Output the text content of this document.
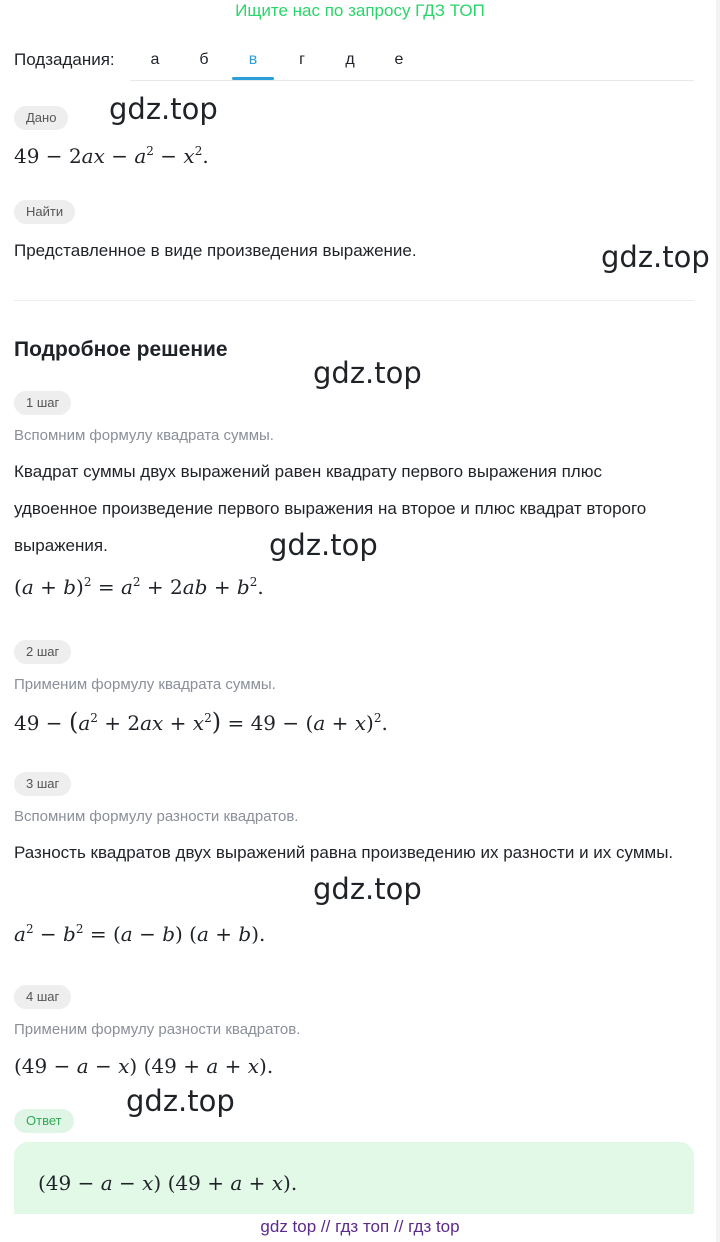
Ищите нас по запросу ГДЗ ТОП
Подзадания:	а	б	в	г	д	е
Дано
$49 - 2ax - a^2 - x^2$.
Найти
Представленное в виде произведения выражение.
Подробное решение
1 шаг
Вспомним формулу квадрата суммы.
Квадрат суммы двух выражений равен квадрату первого выражения плюс удвоенное произведение первого выражения на второе и плюс квадрат второго выражения.
$(a + b)^2 = a^2 + 2ab + b^2$.
2 шаг
Применим формулу квадрата суммы.
$49 - (a^2 + 2ax + x^2) = 49 - (a + x)^2$.
3 шаг
Вспомним формулу разности квадратов.
Разность квадратов двух выражений равна произведению их разности и их суммы.
$a^2 - b^2 = (a - b) (a + b)$.
4 шаг
Применим формулу разности квадратов.
(49 − a − x) (49 + a + x).
Ответ
(49 − a − x) (49 + a + x).
gdz.top
gdz.top
gdz.top
gdz.top
gdz.top
gdz.top
gdz top // гдз топ // гдз top
